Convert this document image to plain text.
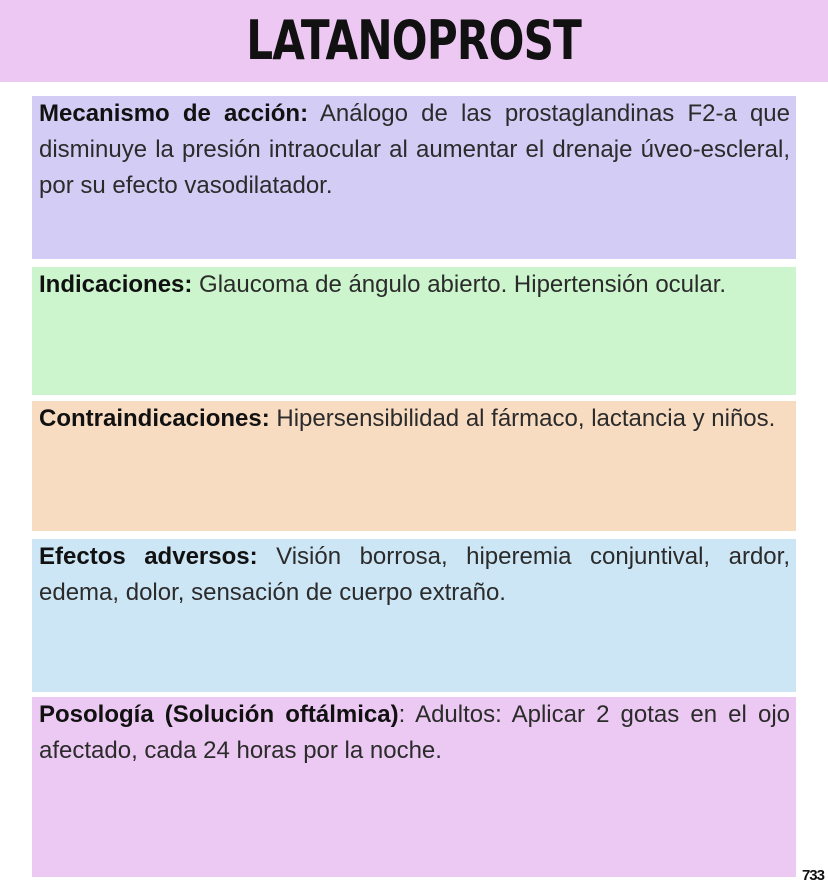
LATANOPROST
Mecanismo de acción: Análogo de las prostaglandinas F2-a que disminuye la presión intraocular al aumentar el drenaje úveo-escleral, por su efecto vasodilatador.
Indicaciones: Glaucoma de ángulo abierto. Hipertensión ocular.
Contraindicaciones: Hipersensibilidad al fármaco, lactancia y niños.
Efectos adversos: Visión borrosa, hiperemia conjuntival, ardor, edema, dolor, sensación de cuerpo extraño.
Posología (Solución oftálmica): Adultos: Aplicar 2 gotas en el ojo afectado, cada 24 horas por la noche.
733
